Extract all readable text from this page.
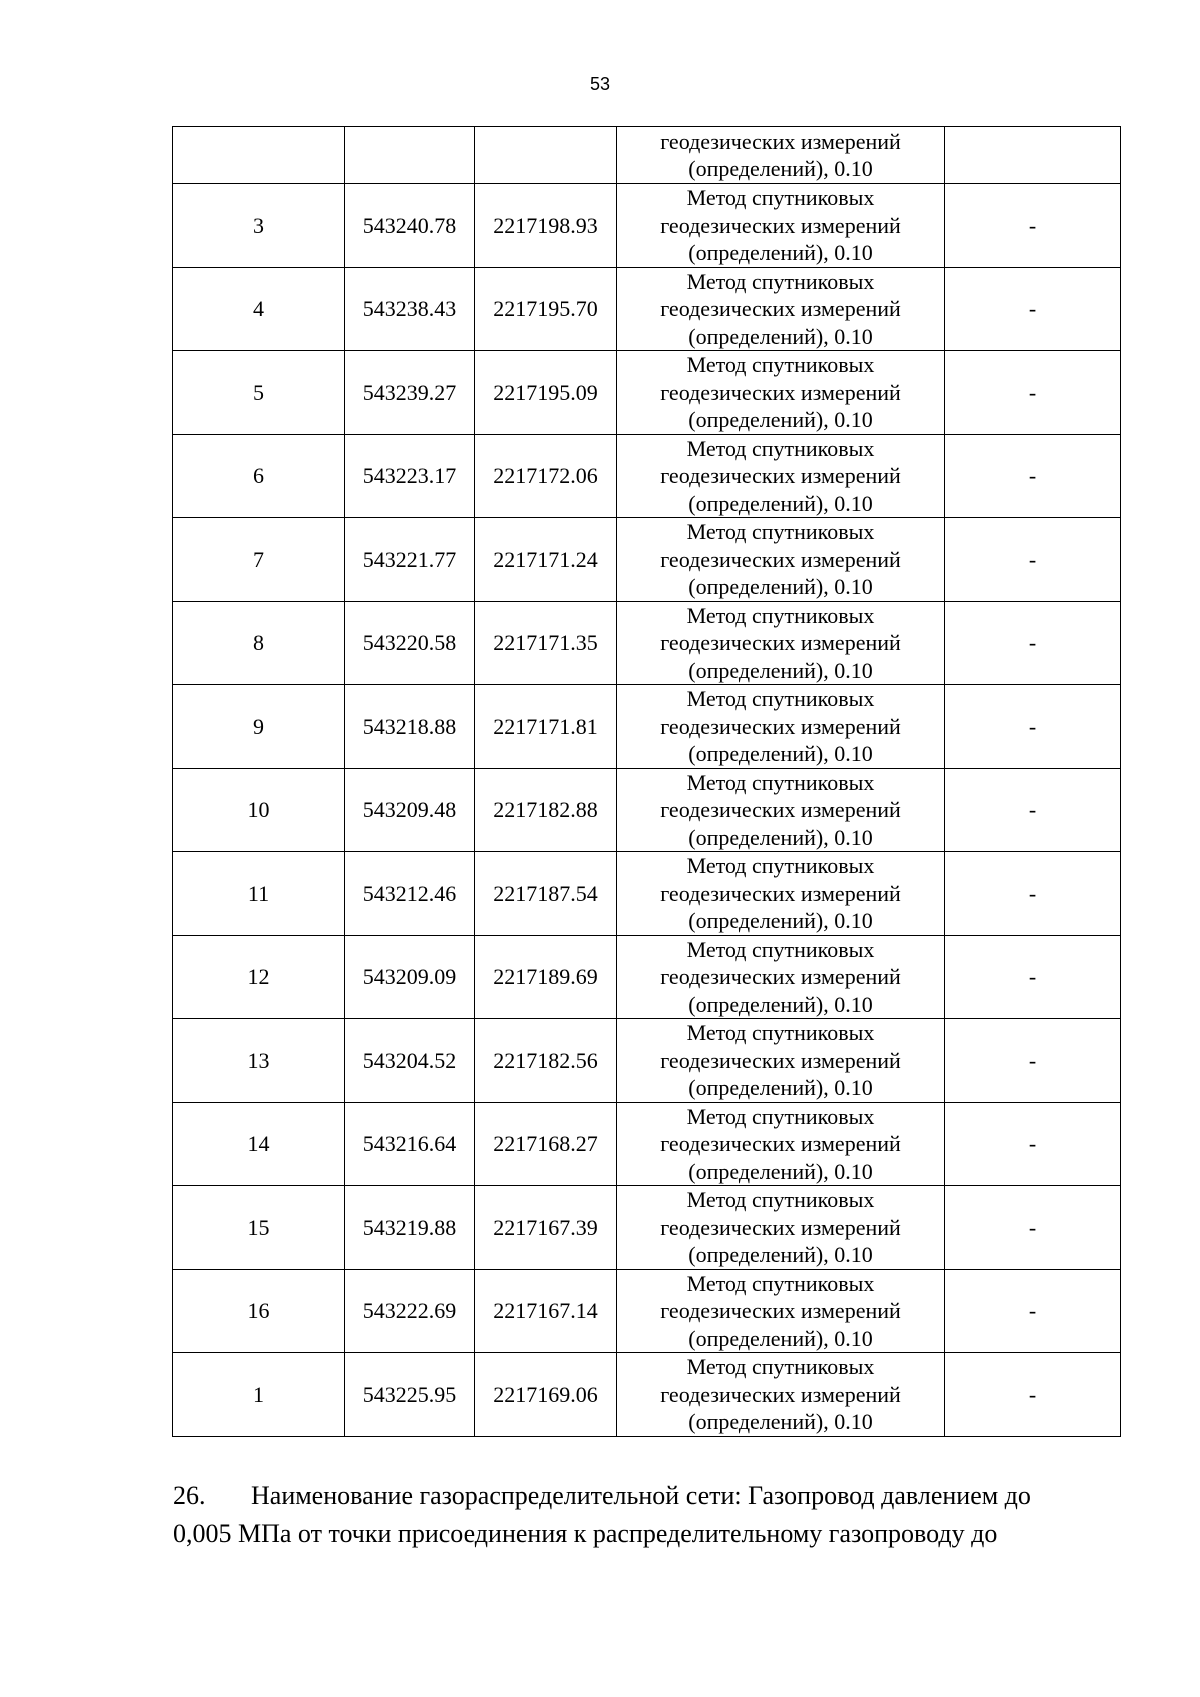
53

			геодезических измерений
(определений), 0.10	

3	543240.78	2217198.93	Метод спутниковых
геодезических измерений
(определений), 0.10	-
4	543238.43	2217195.70	Метод спутниковых
геодезических измерений
(определений), 0.10	-
5	543239.27	2217195.09	Метод спутниковых
геодезических измерений
(определений), 0.10	-
6	543223.17	2217172.06	Метод спутниковых
геодезических измерений
(определений), 0.10	-
7	543221.77	2217171.24	Метод спутниковых
геодезических измерений
(определений), 0.10	-
8	543220.58	2217171.35	Метод спутниковых
геодезических измерений
(определений), 0.10	-
9	543218.88	2217171.81	Метод спутниковых
геодезических измерений
(определений), 0.10	-
10	543209.48	2217182.88	Метод спутниковых
геодезических измерений
(определений), 0.10	-
11	543212.46	2217187.54	Метод спутниковых
геодезических измерений
(определений), 0.10	-
12	543209.09	2217189.69	Метод спутниковых
геодезических измерений
(определений), 0.10	-
13	543204.52	2217182.56	Метод спутниковых
геодезических измерений
(определений), 0.10	-
14	543216.64	2217168.27	Метод спутниковых
геодезических измерений
(определений), 0.10	-
15	543219.88	2217167.39	Метод спутниковых
геодезических измерений
(определений), 0.10	-
16	543222.69	2217167.14	Метод спутниковых
геодезических измерений
(определений), 0.10	-
1	543225.95	2217169.06	Метод спутниковых
геодезических измерений
(определений), 0.10	-
26. Наименование газораспределительной сети: Газопровод давлением до
0,005 МПа от точки присоединения к распределительному газопроводу до
